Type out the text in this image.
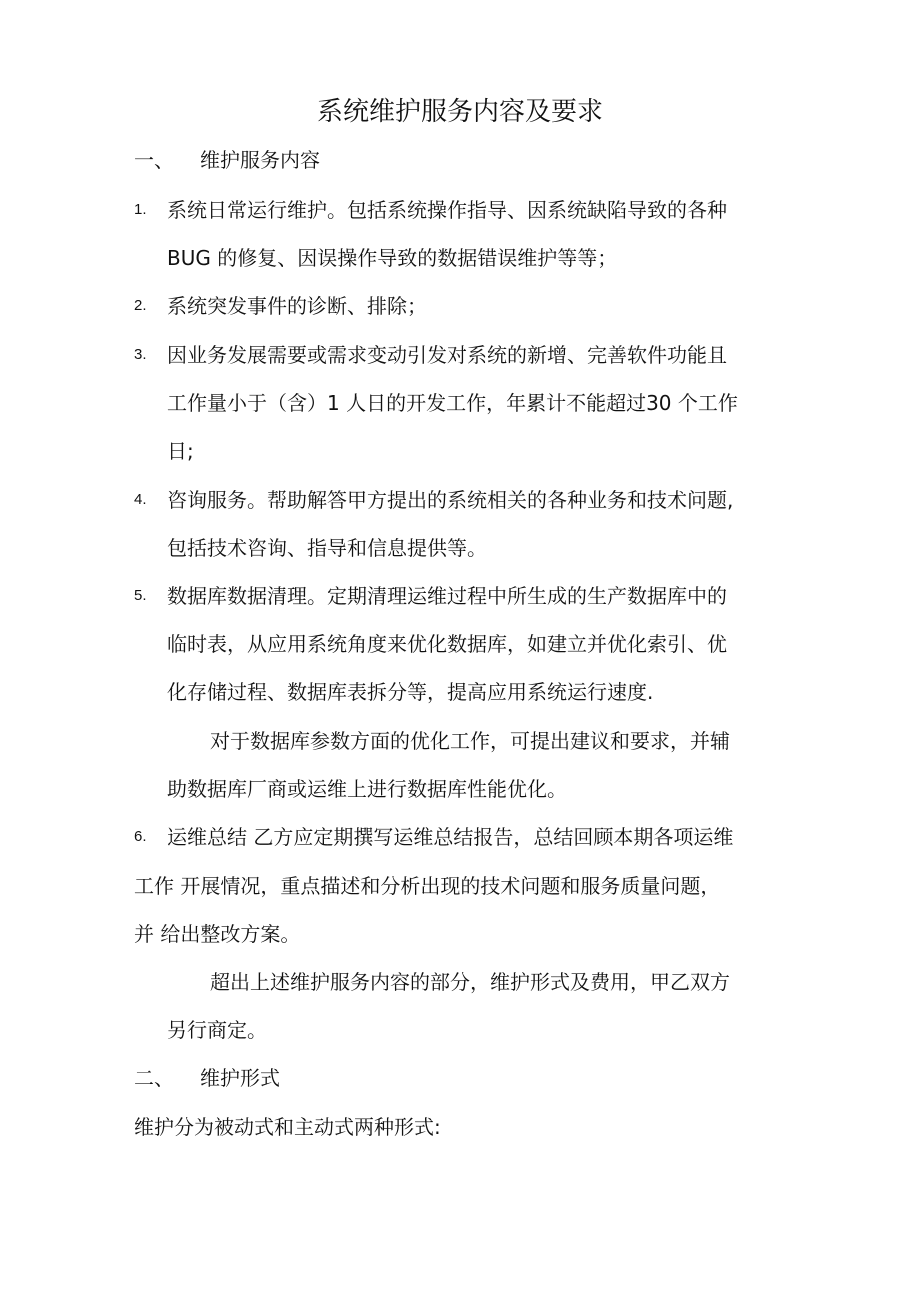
系统维护服务内容及要求
一、 维护服务内容
1. 系统日常运行维护。包括系统操作指导、因系统缺陷导致的各种
BUG 的修复、因误操作导致的数据错误维护等等；
2. 系统突发事件的诊断、排除；
3. 因业务发展需要或需求变动引发对系统的新增、完善软件功能且
工作量小于（含）1 人日的开发工作，年累计不能超过30 个工作
日;
4. 咨询服务。帮助解答甲方提出的系统相关的各种业务和技术问题,
包括技术咨询、指导和信息提供等。
5. 数据库数据清理。定期清理运维过程中所生成的生产数据库中的
临时表，从应用系统角度来优化数据库，如建立并优化索引、优
化存储过程、数据库表拆分等，提高应用系统运行速度.
对于数据库参数方面的优化工作，可提出建议和要求，并辅
助数据库厂商或运维上进行数据库性能优化。
6. 运维总结 乙方应定期撰写运维总结报告，总结回顾本期各项运维
工作 开展情况，重点描述和分析出现的技术问题和服务质量问题，
并 给出整改方案。
超出上述维护服务内容的部分，维护形式及费用，甲乙双方
另行商定。
二、 维护形式
维护分为被动式和主动式两种形式:
